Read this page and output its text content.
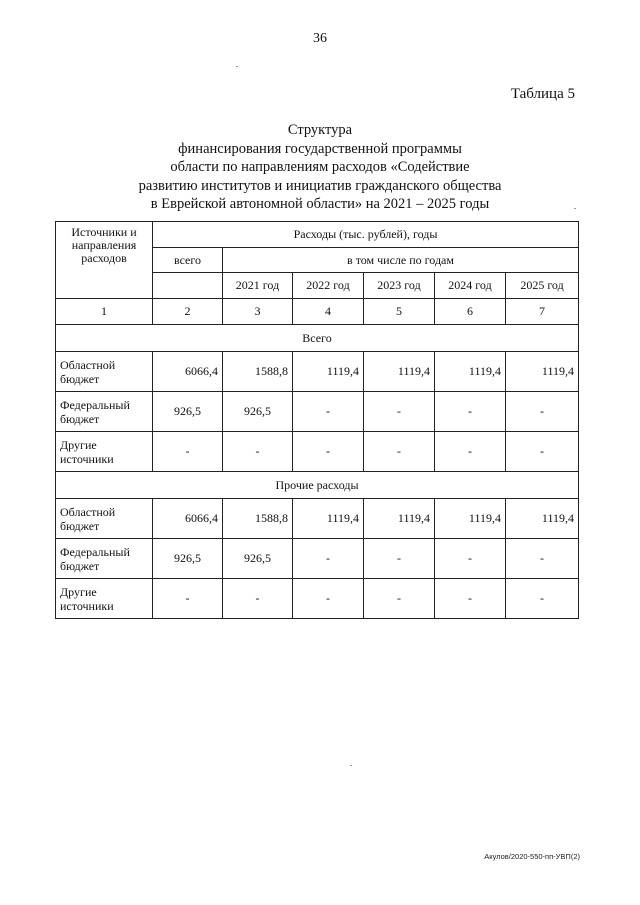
36
Таблица 5
Структура
финансирования государственной программы
области по направлениям расходов «Содействие
развитию институтов и инициатив гражданского общества
в Еврейской автономной области» на 2021 – 2025 годы
Источники и направления расходов	Расходы (тыс. рублей), годы					
	всего	в том числе по годам				
		2021 год	2022 год	2023 год	2024 год	2025 год
1	2	3	4	5	6	7
Всего						
Областной бюджет	6066,4	1588,8	1119,4	1119,4	1119,4	1119,4
Федеральный бюджет	926,5	926,5	-	-	-	-
Другие источники	-	-	-	-	-	-
Прочие расходы						
Областной бюджет	6066,4	1588,8	1119,4	1119,4	1119,4	1119,4
Федеральный бюджет	926,5	926,5	-	-	-	-
Другие источники	-	-	-	-	-	-
Акулов/2020-550-пп-УВП(2)
